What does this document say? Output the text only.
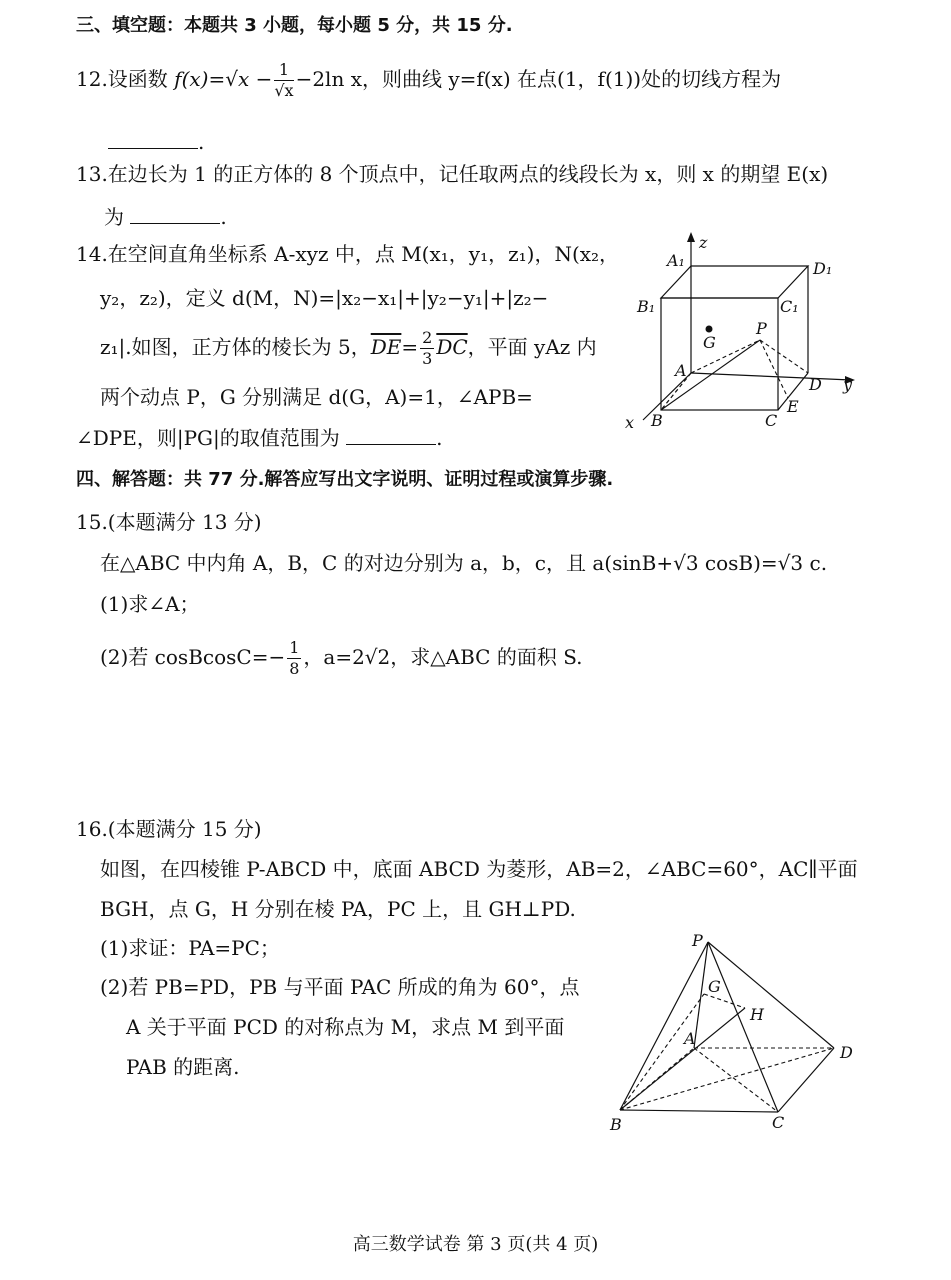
三、填空题：本题共 3 小题，每小题 5 分，共 15 分.
12.设函数 $f(x)=√x - \frac{1}{√x} -2\ln$ x，则曲线 y=f(x) 在点(1，f(1))处的切线方程为
.
13.在边长为 1 的正方体的 8 个顶点中，记任取两点的线段长为 x，则 x 的期望 E(x)
为	.
14.在空间直角坐标系 A-xyz 中，点 M(x₁，y₁，z₁)，N(x₂，
y₂，z₂)，定义 d(M，N)=|x₂−x₁|+|y₂−y₁|+|z₂−
z₁|.如图，正方体的棱长为 5，$\overline{DE}= \frac{2}{3} \overline{DC}$，平面 yAz 内
两个动点 P，G 分别满足 d(G，A)=1，∠APB=
∠DPE，则|PG|的取值范围为	.
A₁	D₁
B₁	C₁
G
P
A
D y
x B	C
E
z
四、解答题：共 77 分.解答应写出文字说明、证明过程或演算步骤.
15.(本题满分 13 分)
在△ABC 中内角 A，B，C 的对边分别为 a，b，c，且 a(sinB+√3 cosB)=√3 c.
(1)求∠A；
(2)若 cosBcosC=− $\frac{1}{8}$ ，a=2√2，求△ABC 的面积 S.
16.(本题满分 15 分)
如图，在四棱锥 P-ABCD 中，底面 ABCD 为菱形，AB=2，∠ABC=60°，AC∥平面
BGH，点 G，H 分别在棱 PA，PC 上，且 GH⊥PD.
(1)求证：PA=PC；
(2)若 PB=PD，PB 与平面 PAC 所成的角为 60°，点
A 关于平面 PCD 的对称点为 M，求点 M 到平面
PAB 的距离.
P
G
H
A
D
B	C
高三数学试卷 第 3 页(共 4 页)
